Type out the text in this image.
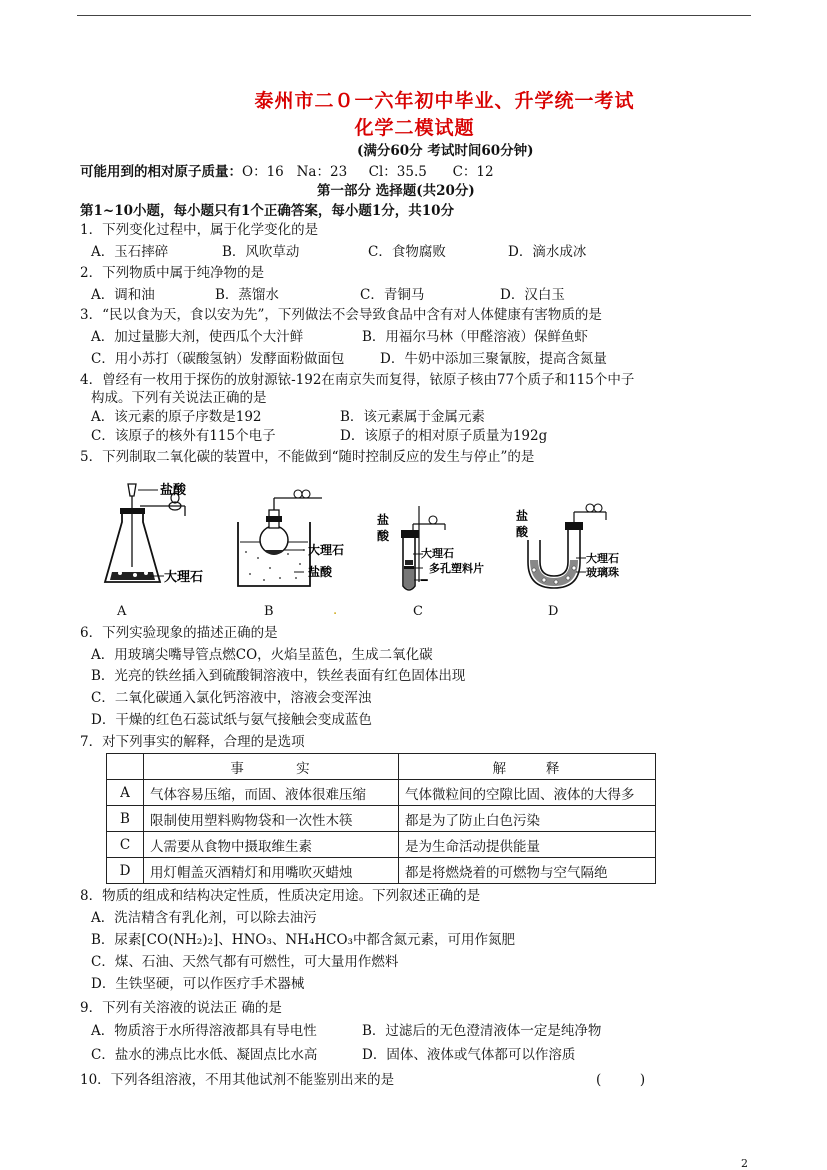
泰州市二０一六年初中毕业、升学统一考试
化学二模试题
(满分60分 考试时间60分钟)
可能用到的相对原子质量：O：16   Na：23     Cl：35.5      C：12
第一部分 选择题(共20分)
第1~10小题，每小题只有1个正确答案，每小题1分，共10分
1．下列变化过程中，属于化学变化的是
A．玉石摔碎	B．风吹草动	C．食物腐败	D．滴水成冰
2．下列物质中属于纯净物的是
A．调和油	B．蒸馏水	C．青铜马	D．汉白玉
3．“民以食为天，食以安为先”，下列做法不会导致食品中含有对人体健康有害物质的是
A．加过量膨大剂，使西瓜个大汁鲜	B．用福尔马林（甲醛溶液）保鲜鱼虾
C．用小苏打（碳酸氢钠）发酵面粉做面包	D．牛奶中添加三聚氰胺，提高含氮量
4．曾经有一枚用于探伤的放射源铱-192在南京失而复得，铱原子核由77个质子和115个中子
构成。下列有关说法正确的是
A．该元素的原子序数是192	B．该元素属于金属元素
C．该原子的核外有115个电子	D．该原子的相对原子质量为192g
5．下列制取二氧化碳的装置中，不能做到“随时控制反应的发生与停止”的是
盐酸
大理石
A
大理石
盐酸
B	.
盐
酸
大理石
多孔塑料片
━
C
盐
酸
大理石
玻璃珠
D
6．下列实验现象的描述正确的是
A．用玻璃尖嘴导管点燃CO，火焰呈蓝色，生成二氧化碳
B．光亮的铁丝插入到硫酸铜溶液中，铁丝表面有红色固体出现
C．二氧化碳通入氯化钙溶液中，溶液会变浑浊
D．干燥的红色石蕊试纸与氨气接触会变成蓝色
7．对下列事实的解释，合理的是选项
	事        实	解      释
A	气体容易压缩，而固、液体很难压缩	气体微粒间的空隙比固、液体的大得多
B	限制使用塑料购物袋和一次性木筷	都是为了防止白色污染
C	人需要从食物中摄取维生素	是为生命活动提供能量
D	用灯帽盖灭酒精灯和用嘴吹灭蜡烛	都是将燃烧着的可燃物与空气隔绝
8．物质的组成和结构决定性质，性质决定用途。下列叙述正确的是
A．洗洁精含有乳化剂，可以除去油污
B．尿素[CO(NH₂)₂]、HNO₃、NH₄HCO₃中都含氮元素，可用作氮肥
C．煤、石油、天然气都有可燃性，可大量用作燃料
D．生铁坚硬，可以作医疗手术器械
9．下列有关溶液的说法正 确的是
A．物质溶于水所得溶液都具有导电性	B．过滤后的无色澄清液体一定是纯净物
C．盐水的沸点比水低、凝固点比水高	D．固体、液体或气体都可以作溶质
10．下列各组溶液，不用其他试剂不能鉴别出来的是	(         )
2
